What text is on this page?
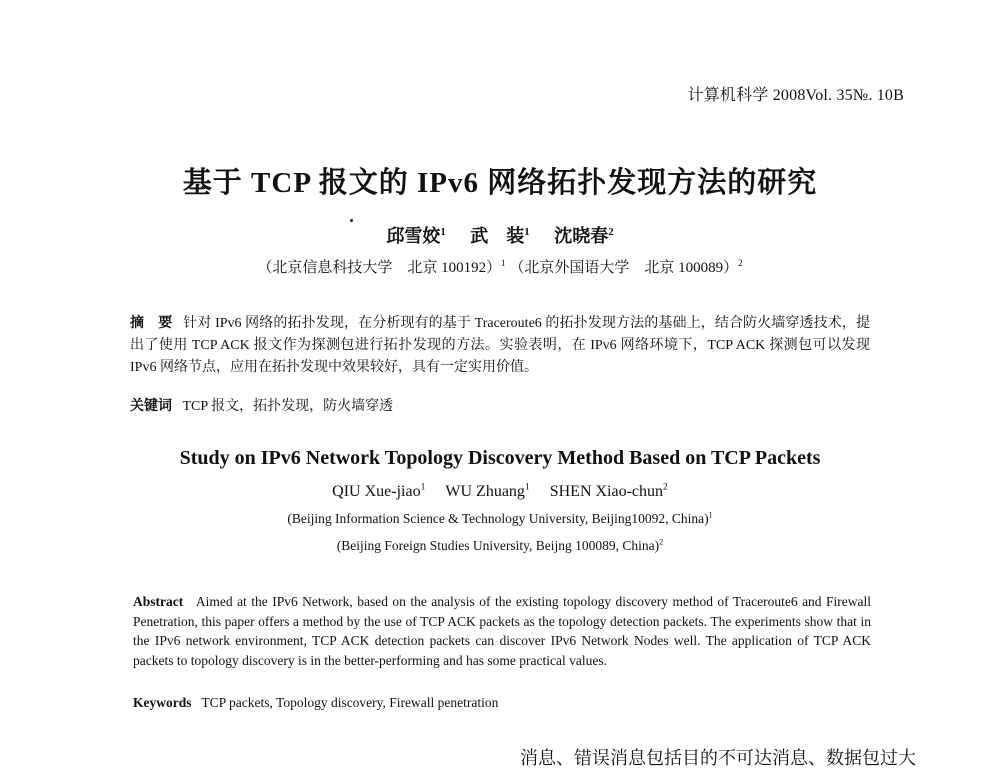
计算机科学 2008Vol. 35№. 10B
基于 TCP 报文的 IPv6 网络拓扑发现方法的研究
邱雪姣$^1$ 武　装$^1$ 沈晓春$^2$
（北京信息科技大学　北京 100192）$^1$ （北京外国语大学　北京 100089）$^2$
摘　要 针对 IPv6 网络的拓扑发现，在分析现有的基于 Traceroute6 的拓扑发现方法的基础上，结合防火墙穿透技术，提出了使用 TCP ACK 报文作为探测包进行拓扑发现的方法。实验表明，在 IPv6 网络环境下，TCP ACK 探测包可以发现 IPv6 网络节点，应用在拓扑发现中效果较好，具有一定实用价值。
关键词 TCP 报文，拓扑发现，防火墙穿透
Study on IPv6 Network Topology Discovery Method Based on TCP Packets
QIU Xue-jiao$^1$ WU Zhuang$^1$ SHEN Xiao-chun$^2$
(Beijing Information Science & Technology University, Beijing10092, China)$^1$
(Beijing Foreign Studies University, Beijng 100089, China)$^2$
Abstract Aimed at the IPv6 Network, based on the analysis of the existing topology discovery method of Traceroute6 and Firewall Penetration, this paper offers a method by the use of TCP ACK packets as the topology detection packets. The experiments show that in the IPv6 network environment, TCP ACK detection packets can discover IPv6 Network Nodes well. The application of TCP ACK packets to topology discovery is in the better-performing and has some practical values.
Keywords TCP packets, Topology discovery, Firewall penetration
消息、错误消息包括目的不可达消息、数据包过大
